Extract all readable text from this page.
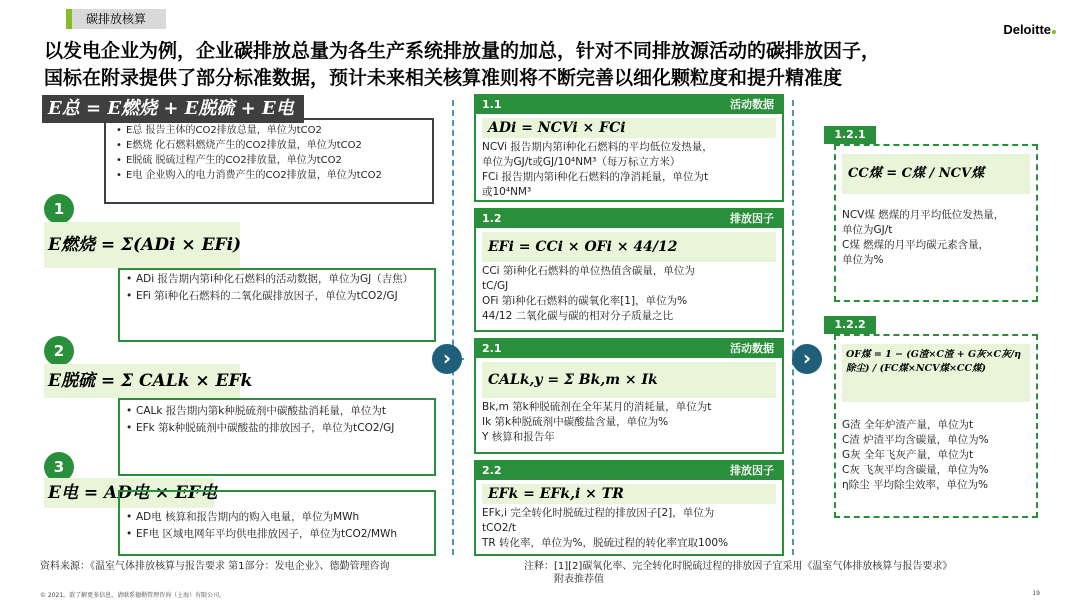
碳排放核算
Deloitte
以发电企业为例，企业碳排放总量为各生产系统排放量的加总，针对不同排放源活动的碳排放因子，
国标在附录提供了部分标准数据，预计未来相关核算准则将不断完善以细化颗粒度和提升精准度
E总 = E燃烧 + E脱硫 + E电
• E总 报告主体的CO2排放总量，单位为tCO2
• E燃烧 化石燃料燃烧产生的CO2排放量，单位为tCO2
• E脱硫 脱硫过程产生的CO2排放量，单位为tCO2
• E电 企业购入的电力消费产生的CO2排放量，单位为tCO2
1
E燃烧 = Σ(ADi × EFi)
• ADi 报告期内第i种化石燃料的活动数据，单位为GJ（吉焦）
• EFi 第i种化石燃料的二氧化碳排放因子，单位为tCO2/GJ
2
E脱硫 = Σ CALk × EFk
• CALk 报告期内第k种脱硫剂中碳酸盐消耗量，单位为t
• EFk 第k种脱硫剂中碳酸盐的排放因子，单位为tCO2/GJ
3
E电 = AD电 × EF电
• AD电 核算和报告期内的购入电量，单位为MWh
• EF电 区域电网年平均供电排放因子，单位为tCO2/MWh
›	›
1.1	活动数据
ADi = NCVi × FCi
NCVi 报告期内第i种化石燃料的平均低位发热量，
单位为GJ/t或GJ/10⁴NM³（每万标立方米）
FCi 报告期内第i种化石燃料的净消耗量，单位为t
或10⁴NM³
1.2	排放因子
EFi = CCi × OFi × 44/12
CCi 第i种化石燃料的单位热值含碳量，单位为
tC/GJ
OFi 第i种化石燃料的碳氧化率[1]，单位为%
44/12 二氧化碳与碳的相对分子质量之比
2.1	活动数据
CALk,y = Σ Bk,m × Ik
Bk,m 第k种脱硫剂在全年某月的消耗量，单位为t
Ik 第k种脱硫剂中碳酸盐含量，单位为%
Y 核算和报告年
2.2	排放因子
EFk = EFk,i × TR
EFk,i 完全转化时脱硫过程的排放因子[2]，单位为
tCO2/t
TR 转化率，单位为%，脱硫过程的转化率宜取100%
1.2.1
CC煤 = C煤 / NCV煤
NCV煤 燃煤的月平均低位发热量，
单位为GJ/t
C煤 燃煤的月平均碳元素含量，
单位为%
1.2.2
OF煤 = 1 − (G渣×C渣 + G灰×C灰/η除尘) / (FC煤×NCV煤×CC煤)
G渣 全年炉渣产量，单位为t
C渣 炉渣平均含碳量，单位为%
G灰 全年飞灰产量，单位为t
C灰 飞灰平均含碳量，单位为%
η除尘 平均除尘效率，单位为%
资料来源：《温室气体排放核算与报告要求 第1部分：发电企业》、德勤管理咨询	注释：[1][2]碳氧化率、完全转化时脱硫过程的排放因子宜采用《温室气体排放核算与报告要求》
附表推荐值
© 2021。欲了解更多信息，请联系德勤管理咨询（上海）有限公司。	19
